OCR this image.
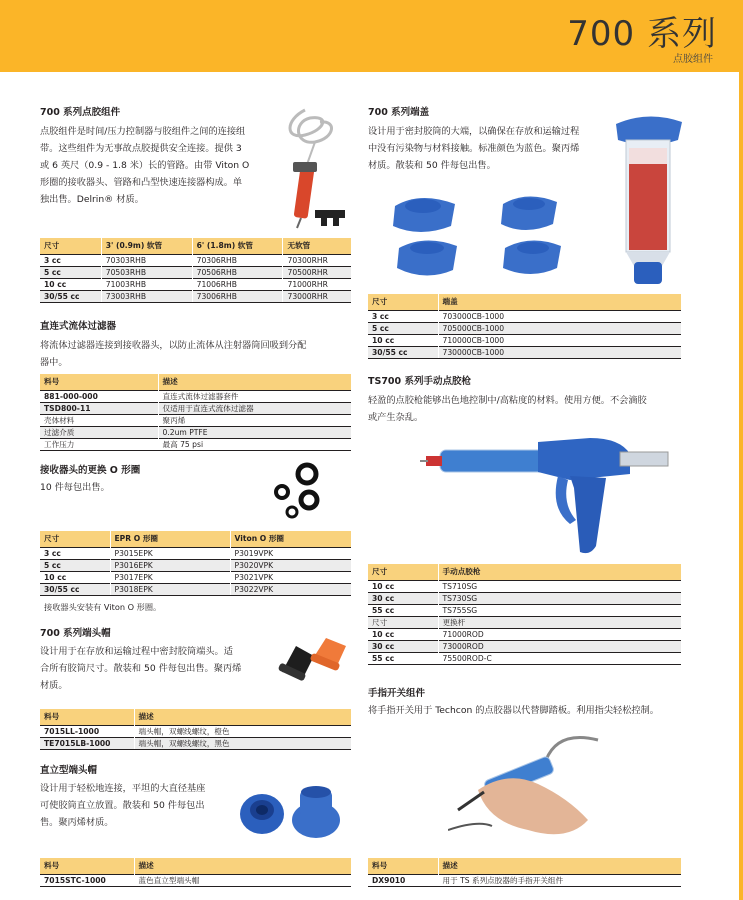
700 系列
点胶组件
700 系列点胶组件
点胶组件是时间/压力控制器与胶组件之间的连接组
带。这些组件为无事故点胶提供安全连接。提供 3
或 6 英尺（0.9 - 1.8 米）长的管路。由带 Viton O
形圈的接收器头、管路和凸型快速连接器构成。单
独出售。Delrin® 材质。
尺寸	3' (0.9m) 软管	6' (1.8m) 软管	无软管
3 cc	70303RHB	70306RHB	70300RHR
5 cc	70503RHB	70506RHB	70500RHR
10 cc	71003RHB	71006RHB	71000RHR
30/55 cc	73003RHB	73006RHB	73000RHR
直连式流体过滤器
将流体过滤器连接到接收器头，以防止流体从注射器筒回吸到分配
器中。
料号	描述
881-000-000	直连式流体过滤器套件
TSD800-11	仅适用于直连式流体过滤器
壳体材料	聚丙烯
过滤介质	0.2um PTFE
工作压力	最高 75 psi
接收器头的更换 O 形圈
10 件每包出售。
尺寸	EPR O 形圈	Viton O 形圈
3 cc	P3015EPK	P3019VPK
5 cc	P3016EPK	P3020VPK
10 cc	P3017EPK	P3021VPK
30/55 cc	P3018EPK	P3022VPK
接收器头安装有 Viton O 形圈。
700 系列端头帽
设计用于在存放和运输过程中密封胶筒端头。适
合所有胶筒尺寸。散装和 50 件每包出售。聚丙烯
材质。
料号	描述
7015LL-1000	端头帽，双螺线螺纹，橙色
TE7015LB-1000	端头帽，双螺线螺纹，黑色
直立型端头帽
设计用于轻松地连接，平坦的大直径基座
可使胶筒直立放置。散装和 50 件每包出
售。聚丙烯材质。
料号	描述
7015STC-1000	蓝色直立型端头帽
700 系列端盖
设计用于密封胶筒的大端，以确保在存放和运输过程
中没有污染物与材料接触。标准颜色为蓝色。聚丙烯
材质。散装和 50 件每包出售。
尺寸	端盖
3 cc	703000CB-1000
5 cc	705000CB-1000
10 cc	710000CB-1000
30/55 cc	730000CB-1000
TS700 系列手动点胶枪
轻盈的点胶枪能够出色地控制中/高粘度的材料。使用方便。不会滴胶
或产生杂乱。
尺寸	手动点胶枪
10 cc	TS710SG
30 cc	TS730SG
55 cc	TS755SG
尺寸	更换杆
10 cc	71000ROD
30 cc	73000ROD
55 cc	75500ROD-C
手指开关组件
将手指开关用于 Techcon 的点胶器以代替脚踏板。利用指尖轻松控制。
料号	描述
DX9010	用于 TS 系列点胶器的手指开关组件
